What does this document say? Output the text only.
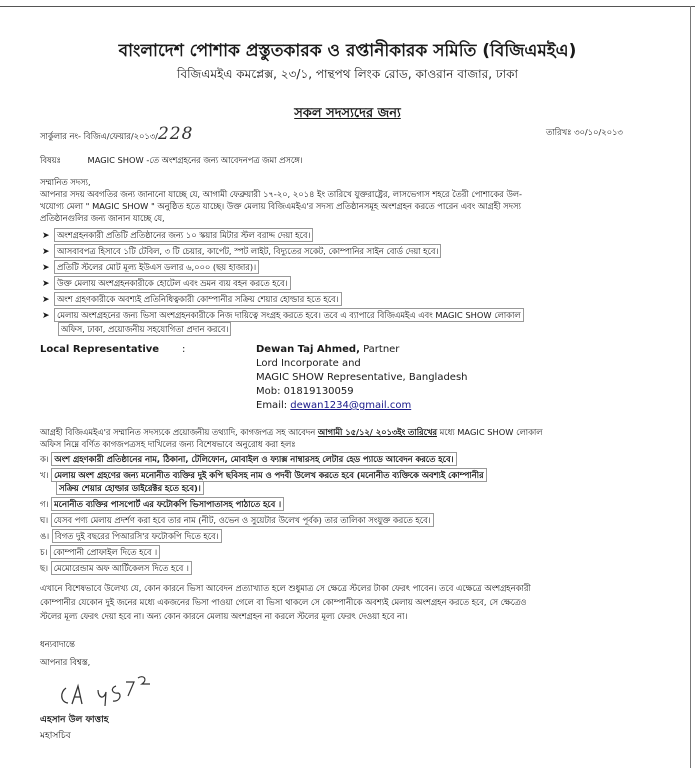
বাংলাদেশ পোশাক প্রস্তুতকারক ও রপ্তানীকারক সমিতি (বিজিএমইএ)
বিজিএমইএ কমপ্লেক্স, ২৩/১, পান্থপথ লিংক রোড, কাওরান বাজার, ঢাকা
সকল সদস্যদের জন্য
সার্কুলার নং- বিজিএ/ফেয়ার/২০১৩/228	তারিখঃ ৩০/১০/২০১৩
বিষয়ঃ	MAGIC SHOW -তে অংশগ্রহনের জন্য আবেদনপত্র জমা প্রসঙ্গে।
সম্মানিত সদস্য,
আপনার সদয় অবগতির জন্য জানানো যাচ্ছে যে, আগামী ফেব্রুয়ারী ১৭-২০, ২০১৪ ইং তারিখে যুক্তরাষ্ট্রের, লাসভেগাস শহরে তৈরী পোশাকের উল-
খযোগ্য মেলা " MAGIC SHOW " অনুষ্ঠিত হতে যাচ্ছে। উক্ত মেলায় বিজিএমইএ'র সদস্য প্রতিষ্ঠানসমূহ অংশগ্রহন করতে পারেন এবং আগ্রহী সদস্য
প্রতিষ্ঠানগুলির জন্য জানান যাচ্ছে যে,
➤ অংশগ্রহনকারী প্রতিটি প্রতিষ্ঠানের জন্য ১০ স্কয়ার মিটার স্টল বরাদ্দ দেয়া হবে।
➤ আসবাবপত্র হিসাবে ১টি টেবিল, ৩ টি চেয়ার, কার্পেট, স্পট লাইট, বিদ্যুতের সকেট, কোম্পানির সাইন বোর্ড দেয়া হবে।
➤ প্রতিটি স্টলের মোট মূল্য ইউএস ডলার ৬,০০০ (ছয় হাজার)।
➤ উক্ত মেলায় অংশগ্রহনকারীকে হোটেল এবং ভ্রমন ব্যয় বহন করতে হবে।
➤ অংশ গ্রহণকারীকে অবশ্যই প্রতিনিধিত্বকারী কোম্পানীর সক্রিয় শেয়ার হোল্ডার হতে হবে।
➤ মেলায় অংশগ্রহনের জন্য ভিসা অংশগ্রহনকারীকে নিজ দায়িত্বে সংগ্রহ করতে হবে। তবে এ ব্যাপারে বিজিএমইএ এবং MAGIC SHOW লোকাল
অফিস, ঢাকা, প্রয়োজনীয় সহযোগিতা প্রদান করবে।
Local Representative :	Dewan Taj Ahmed, Partner
Lord Incorporate and
MAGIC SHOW Representative, Bangladesh
Mob: 01819130059
Email: dewan1234@gmail.com
আগ্রহী বিজিএমইএ'র সম্মানিত সদস্যকে প্রয়োজনীয় তথ্যাদি, কাগজপত্র সহ আবেদন আগামী ১৫/১২/ ২০১৩ইং তারিখের মধ্যে MAGIC SHOW লোকাল
অফিস নিম্নে বর্ণিত কাগজপত্রসহ দাখিলের জন্য বিশেষভাবে অনুরোধ করা হলঃ
ক। অংশ গ্রহণকারী প্রতিষ্ঠানের নাম, ঠিকানা, টেলিফোন, মোবাইল ও ফ্যাক্স নাম্বারসহ লেটার হেড প্যাডে আবেদন করতে হবে।
খ। মেলায় অংশ গ্রহণের জন্য মনোনীত ব্যক্তির দুই কপি ছবিসহ নাম ও পদবী উলেখ করতে হবে (মনোনীত ব্যক্তিকে অবশ্যই কোম্পানীর
সক্রিয় শেয়ার হোল্ডার ডাইরেক্টর হতে হবে)।
গ। মনোনীত ব্যক্তির পাসপোর্ট এর ফটোকপি ভিসাপাতাসহ পাঠাতে হবে ।
ঘ। যেসব পণ্য মেলায় প্রদর্শণ করা হবে তার নাম (নীট, ওভেন ও সুয়েটার উলেখ পূর্বক) তার তালিকা সংযুক্ত করতে হবে।
ঙ। বিগত দুই বছরের পিআরসি'র ফটোকপি দিতে হবে।
চ। কোম্পানী প্রোফাইল দিতে হবে ।
ছ। মেমোরেন্ডাম অফ আর্টিকেলস দিতে হবে ।
এখানে বিশেষভাবে উলেখ্য যে, কোন কারনে ভিসা আবেদন প্রত্যাখ্যাত হলে শুধুমাত্র সে ক্ষেত্রে স্টলের টাকা ফেরৎ পাবেন। তবে এক্ষেত্রে অংশগ্রহনকারী
কোম্পানীর যেকোন দুই জনের মধ্যে একজনের ভিসা পাওয়া গেলে বা ভিসা থাকলে সে কোম্পানীকে অবশ্যই মেলায় অংশগ্রহন করতে হবে, সে ক্ষেত্রেও
স্টলের মূল্য ফেরৎ দেয়া হবে না। অন্য কোন কারনে মেলায় অংশগ্রহন না করলে স্টলের মূল্য ফেরৎ দেওয়া হবে না।
ধন্যবাদান্তে
আপনার বিশ্বস্ত,
এহসান উল ফাত্তাহ
মহাসচিব
